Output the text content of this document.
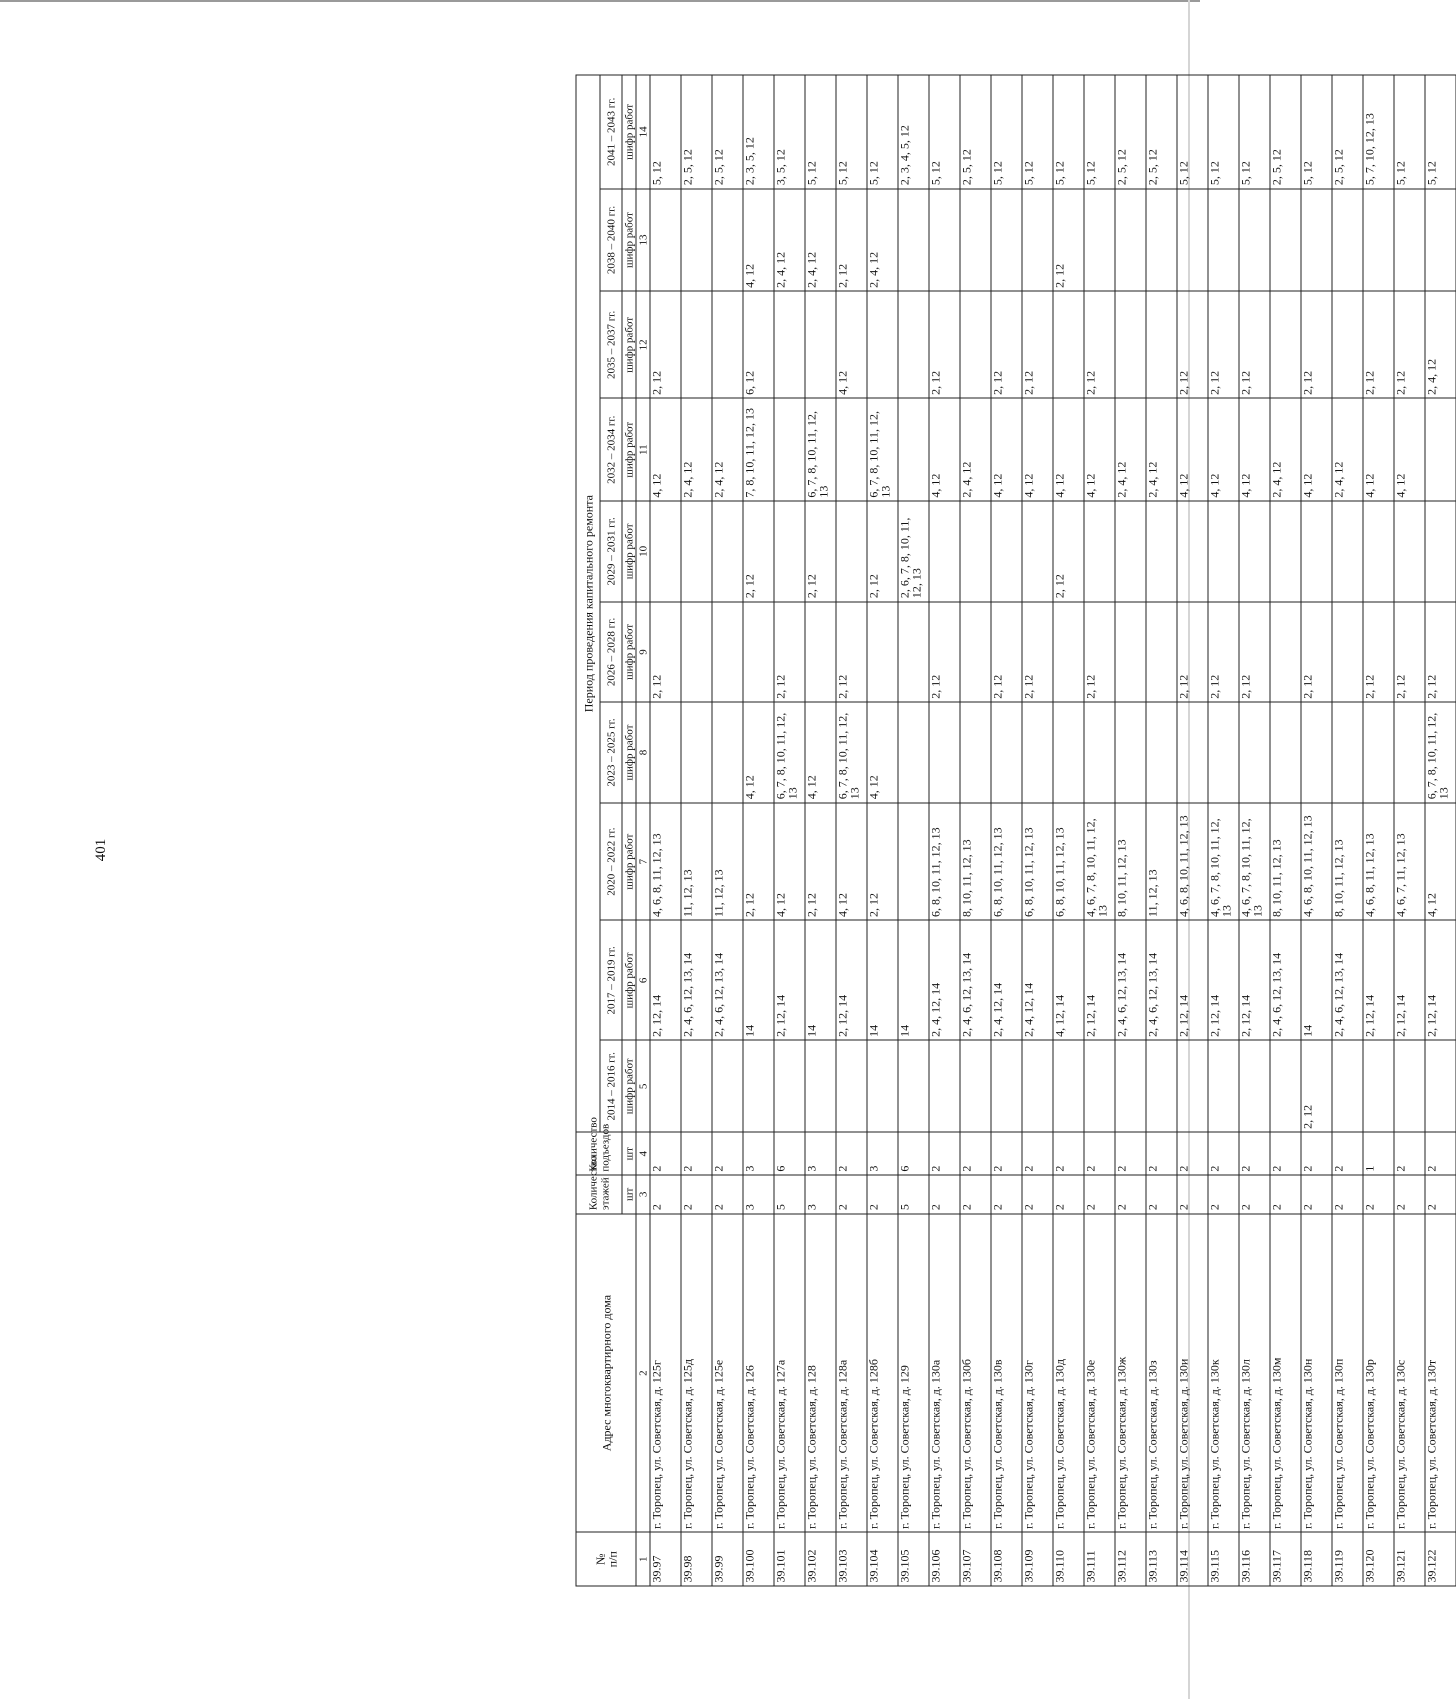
401
№
п/п	Адрес многоквартирного дома	Количество этажей	Количество подъездов	Период проведения капитального ремонта									
				2014 – 2016 гг.	2017 – 2019 гг.	2020 – 2022 гг.	2023 – 2025 гг.	2026 – 2028 гг.	2029 – 2031 гг.	2032 – 2034 гг.	2035 – 2037 гг.	2038 – 2040 гг.	2041 – 2043 гг.
		шт	шт	шифр работ	шифр работ	шифр работ	шифр работ	шифр работ	шифр работ	шифр работ	шифр работ	шифр работ	шифр работ
1	2	3	4	5	6	7	8	9	10	11	12	13	14
39.97	г. Торопец, ул. Советская, д. 125г	2	2		2, 12, 14	4, 6, 8, 11, 12, 13		2, 12		4, 12	2, 12		5, 12
39.98	г. Торопец, ул. Советская, д. 125д	2	2		2, 4, 6, 12, 13, 14	11, 12, 13				2, 4, 12			2, 5, 12
39.99	г. Торопец, ул. Советская, д. 125е	2	2		2, 4, 6, 12, 13, 14	11, 12, 13				2, 4, 12			2, 5, 12
39.100	г. Торопец, ул. Советская, д. 126	3	3		14	2, 12	4, 12		2, 12	7, 8, 10, 11, 12, 13	6, 12	4, 12	2, 3, 5, 12
39.101	г. Торопец, ул. Советская, д. 127а	5	6		2, 12, 14	4, 12	6, 7, 8, 10, 11, 12, 13	2, 12				2, 4, 12	3, 5, 12
39.102	г. Торопец, ул. Советская, д. 128	3	3		14	2, 12	4, 12		2, 12	6, 7, 8, 10, 11, 12, 13		2, 4, 12	5, 12
39.103	г. Торопец, ул. Советская, д. 128а	2	2		2, 12, 14	4, 12	6, 7, 8, 10, 11, 12, 13	2, 12			4, 12	2, 12	5, 12
39.104	г. Торопец, ул. Советская, д. 128б	2	3		14	2, 12	4, 12		2, 12	6, 7, 8, 10, 11, 12, 13		2, 4, 12	5, 12
39.105	г. Торопец, ул. Советская, д. 129	5	6		14				2, 6, 7, 8, 10, 11, 12, 13				2, 3, 4, 5, 12
39.106	г. Торопец, ул. Советская, д. 130а	2	2		2, 4, 12, 14	6, 8, 10, 11, 12, 13		2, 12		4, 12	2, 12		5, 12
39.107	г. Торопец, ул. Советская, д. 130б	2	2		2, 4, 6, 12, 13, 14	8, 10, 11, 12, 13				2, 4, 12			2, 5, 12
39.108	г. Торопец, ул. Советская, д. 130в	2	2		2, 4, 12, 14	6, 8, 10, 11, 12, 13		2, 12		4, 12	2, 12		5, 12
39.109	г. Торопец, ул. Советская, д. 130г	2	2		2, 4, 12, 14	6, 8, 10, 11, 12, 13		2, 12		4, 12	2, 12		5, 12
39.110	г. Торопец, ул. Советская, д. 130д	2	2		4, 12, 14	6, 8, 10, 11, 12, 13			2, 12	4, 12		2, 12	5, 12
39.111	г. Торопец, ул. Советская, д. 130е	2	2		2, 12, 14	4, 6, 7, 8, 10, 11, 12, 13		2, 12		4, 12	2, 12		5, 12
39.112	г. Торопец, ул. Советская, д. 130ж	2	2		2, 4, 6, 12, 13, 14	8, 10, 11, 12, 13				2, 4, 12			2, 5, 12
39.113	г. Торопец, ул. Советская, д. 130з	2	2		2, 4, 6, 12, 13, 14	11, 12, 13				2, 4, 12			2, 5, 12
39.114	г. Торопец, ул. Советская, д. 130и	2	2		2, 12, 14	4, 6, 8, 10, 11, 12, 13		2, 12		4, 12	2, 12		5, 12
39.115	г. Торопец, ул. Советская, д. 130к	2	2		2, 12, 14	4, 6, 7, 8, 10, 11, 12, 13		2, 12		4, 12	2, 12		5, 12
39.116	г. Торопец, ул. Советская, д. 130л	2	2		2, 12, 14	4, 6, 7, 8, 10, 11, 12, 13		2, 12		4, 12	2, 12		5, 12
39.117	г. Торопец, ул. Советская, д. 130м	2	2		2, 4, 6, 12, 13, 14	8, 10, 11, 12, 13				2, 4, 12			2, 5, 12
39.118	г. Торопец, ул. Советская, д. 130н	2	2	2, 12	14	4, 6, 8, 10, 11, 12, 13		2, 12		4, 12	2, 12		5, 12
39.119	г. Торопец, ул. Советская, д. 130п	2	2		2, 4, 6, 12, 13, 14	8, 10, 11, 12, 13				2, 4, 12			2, 5, 12
39.120	г. Торопец, ул. Советская, д. 130р	2	1		2, 12, 14	4, 6, 8, 11, 12, 13		2, 12		4, 12	2, 12		5, 7, 10, 12, 13
39.121	г. Торопец, ул. Советская, д. 130с	2	2		2, 12, 14	4, 6, 7, 11, 12, 13		2, 12		4, 12	2, 12		5, 12
39.122	г. Торопец, ул. Советская, д. 130т	2	2		2, 12, 14	4, 12	6, 7, 8, 10, 11, 12, 13	2, 12			2, 4, 12		5, 12
